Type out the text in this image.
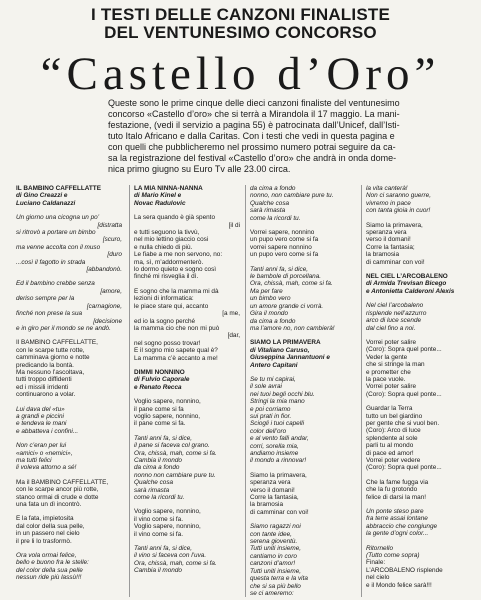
I TESTI DELLE CANZONI FINALISTE
DEL VENTUNESIMO CONCORSO
“Castello d’Oro”
Queste sono le prime cinque delle dieci canzoni finaliste del ventunesimo
concorso «Castello d’oro» che si terrà a Mirandola il 17 maggio. La mani-
festazione, (vedi il servizio a pagina 55) è patrocinata dall’Unicef, dall’Isti-
tuto Italo Africano e dalla Caritas. Con i testi che vedi in questa pagina e
con quelli che pubblicheremo nel prossimo numero potrai seguire da ca-
sa la registrazione del festival «Castello d’oro» che andrà in onda dome-
nica primo giugno su Euro Tv alle 23.00 circa.
IL BAMBINO CAFFELLATTE
di Gino Creazzi e
Luciano Caldanazzi
Un giorno una cicogna un po’
[distratta
si ritrovò a portare un bimbo
[scuro,
ma venne accolta con il muso
[duro
...così il fagotto in strada
[abbandonò.
Ed il bambino crebbe senza
[amore,
deriso sempre per la
[carnagione,
finché non prese la sua
[decisione
e in giro per il mondo se ne andò.
Il BAMBINO CAFFELLATTE,
con le scarpe tutte rotte,
camminava giorno e notte
predicando la bontà.
Ma nessuno l’ascoltava,
tutti troppo diffidenti
ed i missili irridenti
continuarono a volar.
Lui dava del «tu»
a grandi e piccini
e tendeva le mani
e abbatteva i confini...
Non c’eran per lui
«amici» o «nemici»,
ma tutti felici
li voleva attorno a sé!
Ma il BAMBINO CAFFELLATTE,
con le scarpe ancor più rotte,
stanco ormai di crude e dotte
una fata un dì incontrò.
E la fata, impietosita
dal color della sua pelle,
in un passero nel cielo
il pre li lo trasformò.
Ora vola ormai felice,
bello e buono fra le stelle:
del color della sua pelle
nessun ride più lassù!!!
LA MIA NINNA-NANNA
di Mario Kinel e
Novac Radulovic
La sera quando è già spento
[il di
e tutti seguono la tivvù,
nel mio lettino giaccio cosi
e nulla chiedo di più.
Le fiabe a me non servono, no:
ma, sì, m’addormenterò.
lo dormo quieto e sogno così
finché mi risveglia il dì.
E sogno che la mamma mi dà
lezioni di informatica:
le piace stare qui, accanto
[a me,
ed io la sogno perché
la mamma cio che non mi può
[dar,
nel sogno posso trovar!
E il sogno mio sapete qual è?
La mamma c’è accanto a me!
DIMMI NONNINO
di Fulvio Caporale
e Renato Recca
Voglio sapere, nonnino,
il pane come si fa
voglio sapere, nonnino,
il pane come si fa.
Tanti anni fa, si dice,
il pane si faceva col grano.
Ora, chissà, mah, come si fa.
Cambia il mondo
da cima a fondo
nonno non cambiare pure tu.
Qualche cosa
sarà rimasta
come la ricordi tu.
Voglio sapere, nonnino,
il vino come si fa.
Voglio sapere, nonnino,
il vino come si fa.
Tanti anni fa, si dice,
il vino si faceva con l’uva.
Ora, chissà, mah, come si fa.
Cambia il mondo
da cima a fondo
nonno, non cambiare pure tu.
Qualche cosa
sarà rimasta
come la ricordi tu.
Vorrei sapere, nonnino
un pupo vero come si fa
vorrei sapere nonnino
un pupo vero come si fa
Tanti anni fa, si dice,
le bambole di porcellana.
Ora, chissà, mah, come si fa.
Ma per fare
un bimbo vero
un amore grande ci vorrà.
Gira il mondo
da cima a fondo
ma l’amore no, non cambierà!
SIAMO LA PRIMAVERA
di Vitaliano Caruso,
Giuseppina Jannantuoni e
Antero Capitani
Se tu mi capirai,
il sole avrai
nei tuoi begli occhi blu.
Stringi la mia mano
e poi corriamo
sui prati in fior.
Sciogli i tuoi capelli
color dell’oro
e al vento falli andar,
corri, sorella mia,
andiamo insieme
il mondo a rinnovar!
Siamo la primavera,
speranza vera
verso il domani!
Corre la fantasia,
la bramosia
di camminar con voi!
Siamo ragazzi noi
con tante idee,
serena gioventù.
Tutti uniti insieme,
cantiamo in coro
canzoni d’amor!
Tutti uniti insieme,
questa terra e la vita
che si sa più bello
se ci ameremo:
la vita canterà!
Non ci saranno guerre,
vivremo in pace
con tanta gioia in cuor!
Siamo la primavera,
speranza vera
verso il domani!
Corre la fantasia;
la bramosia
di camminar con voi!
NEL CIEL L’ARCOBALENO
di Armida Trevisan Bicego
e Antonietta Calderoni Alexis
Nel ciel l’arcobaleno
risplende nell’azzurro
arco di luce scende
dal ciel fino a noi.
Vorrei poter salire
(Coro): Sopra quel ponte...
Veder la gente
che si stringe la man
e prometter che
la pace vuole.
Vorrei poter salire
(Coro): Sopra quel ponte...
Guardar la Terra
tutto un bel giardino
per gente che si vuol ben.
(Coro): Arco di luce
splendente al sole
parli tu al mondo
di pace ed amor!
Vorrei poter vedere
(Coro): Sopra quel ponte...
Che la fame fugga via
che la fu grotondo
felice di darsi la man!
Un ponte steso pare
fra terre assai lontane
abbraccio che congiunge
la gente d’ogni color...
Ritornello
(Tutto come sopra)
Finale:
L’ARCOBALENO risplende
nel cielo
e il Mondo felice sarà!!!
